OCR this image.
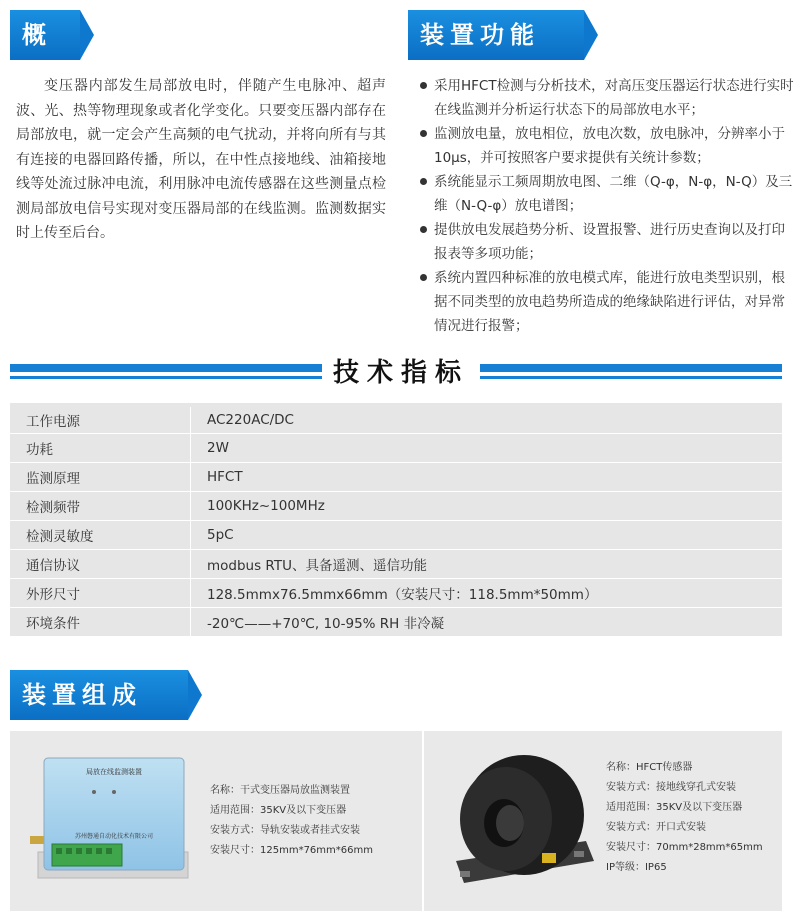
概述
变压器内部发生局部放电时，伴随产生电脉冲、超声波、光、热等物理现象或者化学变化。只要变压器内部存在局部放电，就一定会产生高频的电气扰动，并将向所有与其有连接的电器回路传播，所以，在中性点接地线、油箱接地线等处流过脉冲电流，利用脉冲电流传感器在这些测量点检测局部放电信号实现对变压器局部的在线监测。监测数据实时上传至后台。
装置功能
采用HFCT检测与分析技术，对高压变压器运行状态进行实时在线监测并分析运行状态下的局部放电水平；
监测放电量，放电相位，放电次数，放电脉冲，分辨率小于10μs，并可按照客户要求提供有关统计参数；
系统能显示工频周期放电图、二维（Q-φ，N-φ，N-Q）及三维（N-Q-φ）放电谱图；
提供放电发展趋势分析、设置报警、进行历史查询以及打印报表等多项功能；
系统内置四种标准的放电模式库，能进行放电类型识别，根据不同类型的放电趋势所造成的绝缘缺陷进行评估，对异常情况进行报警；
技术指标
工作电源	AC220AC/DC
功耗	2W
监测原理	HFCT
检测频带	100KHz~100MHz
检测灵敏度	5pC
通信协议	modbus RTU、具备遥测、遥信功能
外形尺寸	128.5mmx76.5mmx66mm（安装尺寸：118.5mm*50mm）
环境条件	-20℃——+70℃, 10-95% RH 非冷凝
装置组成
局放在线监测装置
苏州磐通自动化技术有限公司
名称：干式变压器局放监测装置
适用范围：35KV及以下变压器
安装方式：导轨安装或者挂式安装
安装尺寸：125mm*76mm*66mm
名称：HFCT传感器
安装方式：接地线穿孔式安装
适用范围：35KV及以下变压器
安装方式：开口式安装
安装尺寸：70mm*28mm*65mm
IP等级：IP65
